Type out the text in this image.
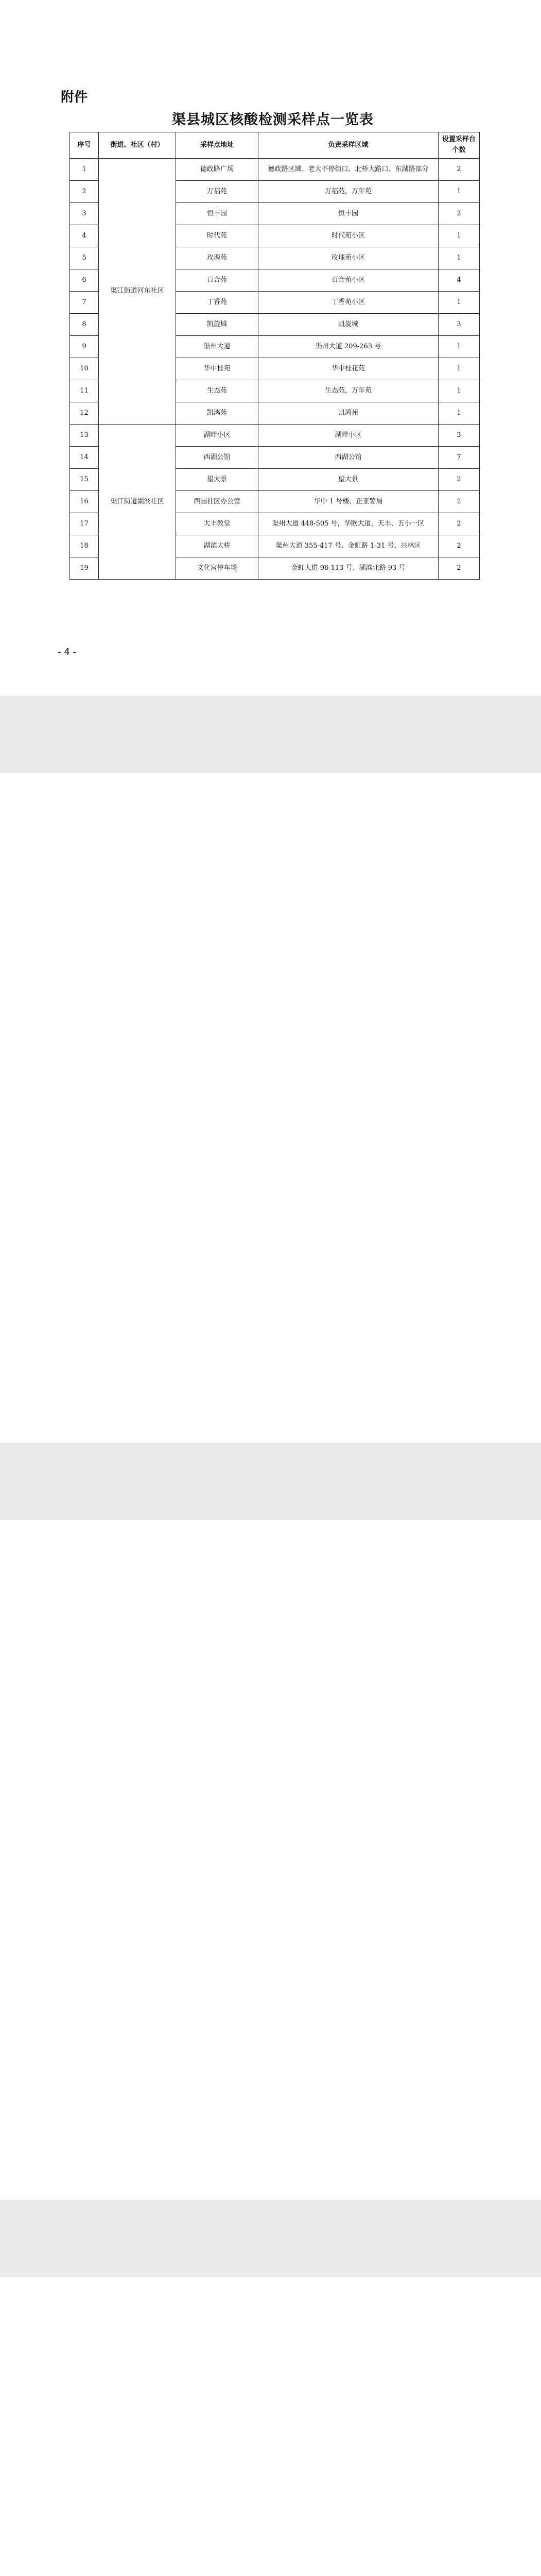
附件
渠县城区核酸检测采样点一览表
序号	街道、社区（村）	采样点地址	负责采样区域	设置采样台个数
1	渠江街道河东社区	德政路广场	德政路区域、老大不停街口、北桥大路口、东湖路部分	2
2		万福苑	万福苑，万年苑	1
3		恒丰园	恒丰园	2
4		时代苑	时代苑小区	1
5		玫瑰苑	玫瑰苑小区	1
6		百合苑	百合苑小区	4
7		丁香苑	丁香苑小区	1
8		凯旋城	凯旋城	3
9		渠州大道	渠州大道 209-263 号	1
10		华中桂苑	华中桂花苑	1
11		生态苑	生态苑，万年苑	1
12		凯鸿苑	凯鸿苑	1
13	渠江街道湖滨社区	湖畔小区	湖畔小区	3
14		西湖公馆	西湖公馆	7
15		望大景	望大景	2
16		西园社区办公室	华中 1 号楼、正亚警局	2
17		大丰教堂	渠州大道 448-505 号，华欧大道，天丰、五小一区	2
18		湖滨大桥	渠州大道 355-417 号、金虹路 1-31 号、兴林区	2
19		文化宫停车场	金虹大道 96-113 号、湖滨北路 93 号	2
- 4 -
